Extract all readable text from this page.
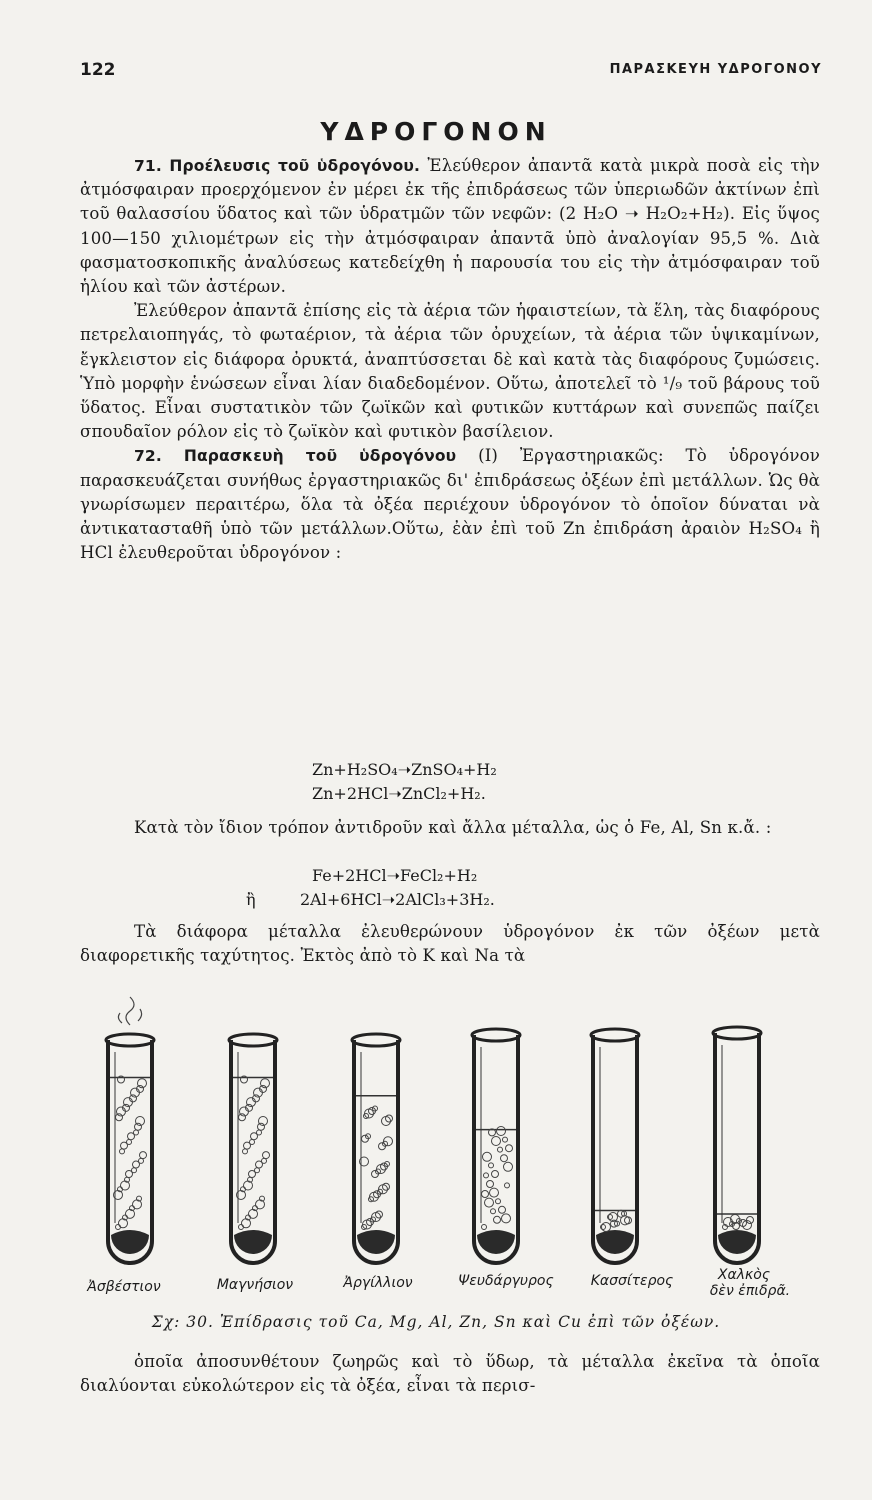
122	ΠΑΡΑΣΚΕΥΗ ΥΔΡΟΓΟΝΟΥ
ΥΔΡΟΓΟΝΟΝ

71. Προέλευσις τοῦ ὑδρογόνου. Ἐλεύθερον ἀπαντᾶ κατὰ μικρὰ ποσὰ εἰς τὴν ἀτμόσφαιραν προερχόμενον ἐν μέρει ἐκ τῆς ἐπιδράσεως τῶν ὑπεριωδῶν ἀκτίνων ἐπὶ τοῦ θαλασσίου ὕδατος καὶ τῶν ὑδρατμῶν τῶν νεφῶν: (2 H₂O ➝ H₂O₂+H₂). Εἰς ὕψος 100—150 χιλιομέτρων εἰς τὴν ἀτμόσφαιραν ἀπαντᾶ ὑπὸ ἀναλογίαν 95,5 %. Διὰ φασματοσκοπικῆς ἀναλύσεως κατεδείχθη ἡ παρουσία του εἰς τὴν ἀτμόσφαιραν τοῦ ἡλίου καὶ τῶν ἀστέρων.

Ἐλεύθερον ἀπαντᾶ ἐπίσης εἰς τὰ ἀέρια τῶν ἡφαιστείων, τὰ ἕλη, τὰς διαφόρους πετρελαιοπηγάς, τὸ φωταέριον, τὰ ἀέρια τῶν ὀρυχείων, τὰ ἀέρια τῶν ὑψικαμίνων, ἔγκλειστον εἰς διάφορα ὀρυκτά, ἀναπτύσσεται δὲ καὶ κατὰ τὰς διαφόρους ζυμώσεις. Ὑπὸ μορφὴν ἑνώσεων εἶναι λίαν διαδεδομένον. Οὕτω, ἀποτελεῖ τὸ ¹/₉ τοῦ βάρους τοῦ ὕδατος. Εἶναι συστατικὸν τῶν ζωϊκῶν καὶ φυτικῶν κυττάρων καὶ συνεπῶς παίζει σπουδαῖον ρόλον εἰς τὸ ζωϊκὸν καὶ φυτικὸν βασίλειον.

72. Παρασκευὴ τοῦ ὑδρογόνου (I) Ἐργαστηριακῶς: Τὸ ὑδρογόνον παρασκευάζεται συνήθως ἐργαστηριακῶς δι' ἐπιδράσεως ὀξέων ἐπὶ μετάλλων. Ὡς θὰ γνωρίσωμεν περαιτέρω, ὅλα τὰ ὀξέα περιέχουν ὑδρογόνον τὸ ὁποῖον δύναται νὰ ἀντικατασταθῆ ὑπὸ τῶν μετάλλων.Οὕτω, ἐὰν ἐπὶ τοῦ Zn ἐπιδράση ἀραιὸν H₂SO₄ ἢ HCl ἐλευθεροῦται ὑδρογόνον :

Zn+H₂SO₄➝ZnSO₄+H₂
Zn+2HCl➝ZnCl₂+H₂.

Κατὰ τὸν ἴδιον τρόπον ἀντιδροῦν καὶ ἄλλα μέταλλα, ὡς ὁ Fe, Al, Sn κ.ἄ. :

Fe+2HCl➝FeCl₂+H₂
ἢ	2Al+6HCl➝2AlCl₃+3H₂.

Τὰ διάφορα μέταλλα ἐλευθερώνουν ὑδρογόνον ἐκ τῶν ὀξέων μετὰ διαφορετικῆς ταχύτητος. Ἐκτὸς ἀπὸ τὸ K καὶ Na τὰ

Ἀσβέστιον	Μαγνήσιον	Ἀργίλλιον	Ψευδάργυρος	Κασσίτερος	Χαλκὸς
δὲν ἐπιδρᾶ.
Σχ: 30. Ἐπίδρασις τοῦ Ca, Mg, Al, Zn, Sn καὶ Cu ἐπὶ τῶν ὀξέων.

ὁποῖα ἀποσυνθέτουν ζωηρῶς καὶ τὸ ὕδωρ, τὰ μέταλλα ἐκεῖνα τὰ ὁποῖα διαλύονται εὐκολώτερον εἰς τὰ ὀξέα, εἶναι τὰ περισ-
